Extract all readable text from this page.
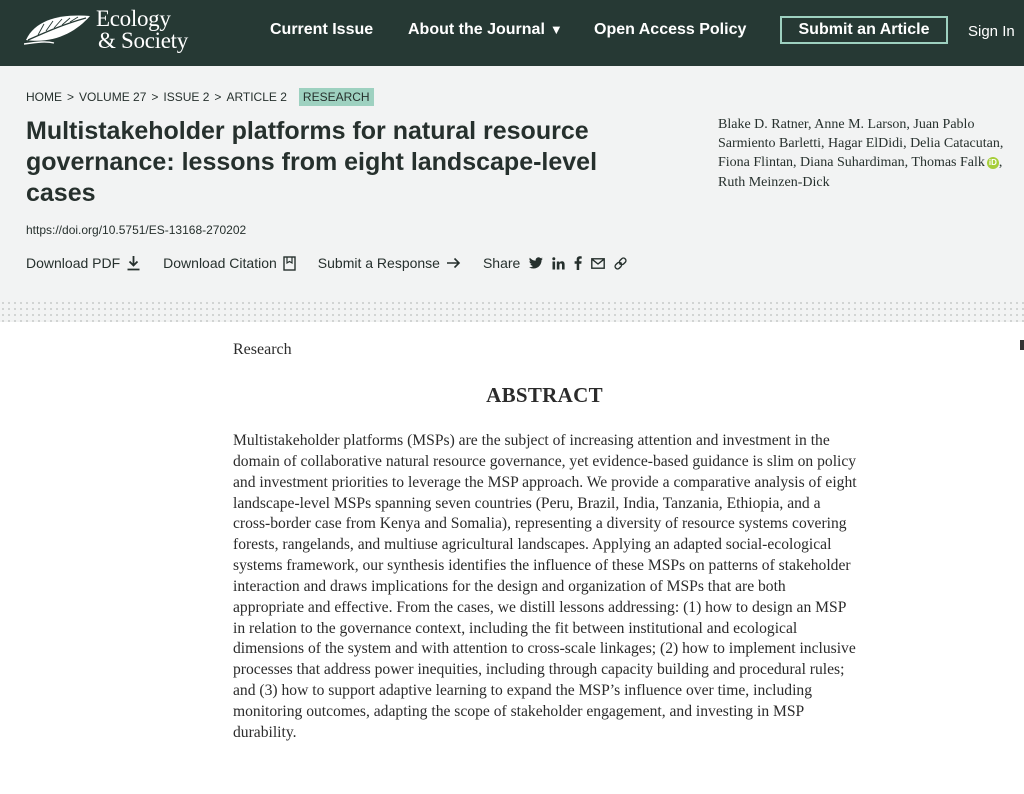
Ecology
& Society	Current Issue About the Journal ▼ Open Access Policy	Submit an Article	Sign In
HOME > VOLUME 27 > ISSUE 2 > ARTICLE 2	RESEARCH
Multistakeholder platforms for natural resource governance: lessons from eight landscape-level cases
https://doi.org/10.5751/ES-13168-270202
Download PDF	Download Citation	Submit a Response	Share
Blake D. Ratner, Anne M. Larson, Juan Pablo Sarmiento Barletti, Hagar ElDidi, Delia Catacutan, Fiona Flintan, Diana Suhardiman, Thomas Falk iD , Ruth Meinzen-Dick
Research
ABSTRACT

Multistakeholder platforms (MSPs) are the subject of increasing attention and investment in the domain of collaborative natural resource governance, yet evidence-based guidance is slim on policy and investment priorities to leverage the MSP approach. We provide a comparative analysis of eight landscape-level MSPs spanning seven countries (Peru, Brazil, India, Tanzania, Ethiopia, and a cross-border case from Kenya and Somalia), representing a diversity of resource systems covering forests, rangelands, and multiuse agricultural landscapes. Applying an adapted social-ecological systems framework, our synthesis identifies the influence of these MSPs on patterns of stakeholder interaction and draws implications for the design and organization of MSPs that are both appropriate and effective. From the cases, we distill lessons addressing: (1) how to design an MSP in relation to the governance context, including the fit between institutional and ecological dimensions of the system and with attention to cross-scale linkages; (2) how to implement inclusive processes that address power inequities, including through capacity building and procedural rules; and (3) how to support adaptive learning to expand the MSP’s influence over time, including monitoring outcomes, adapting the scope of stakeholder engagement, and investing in MSP durability.
